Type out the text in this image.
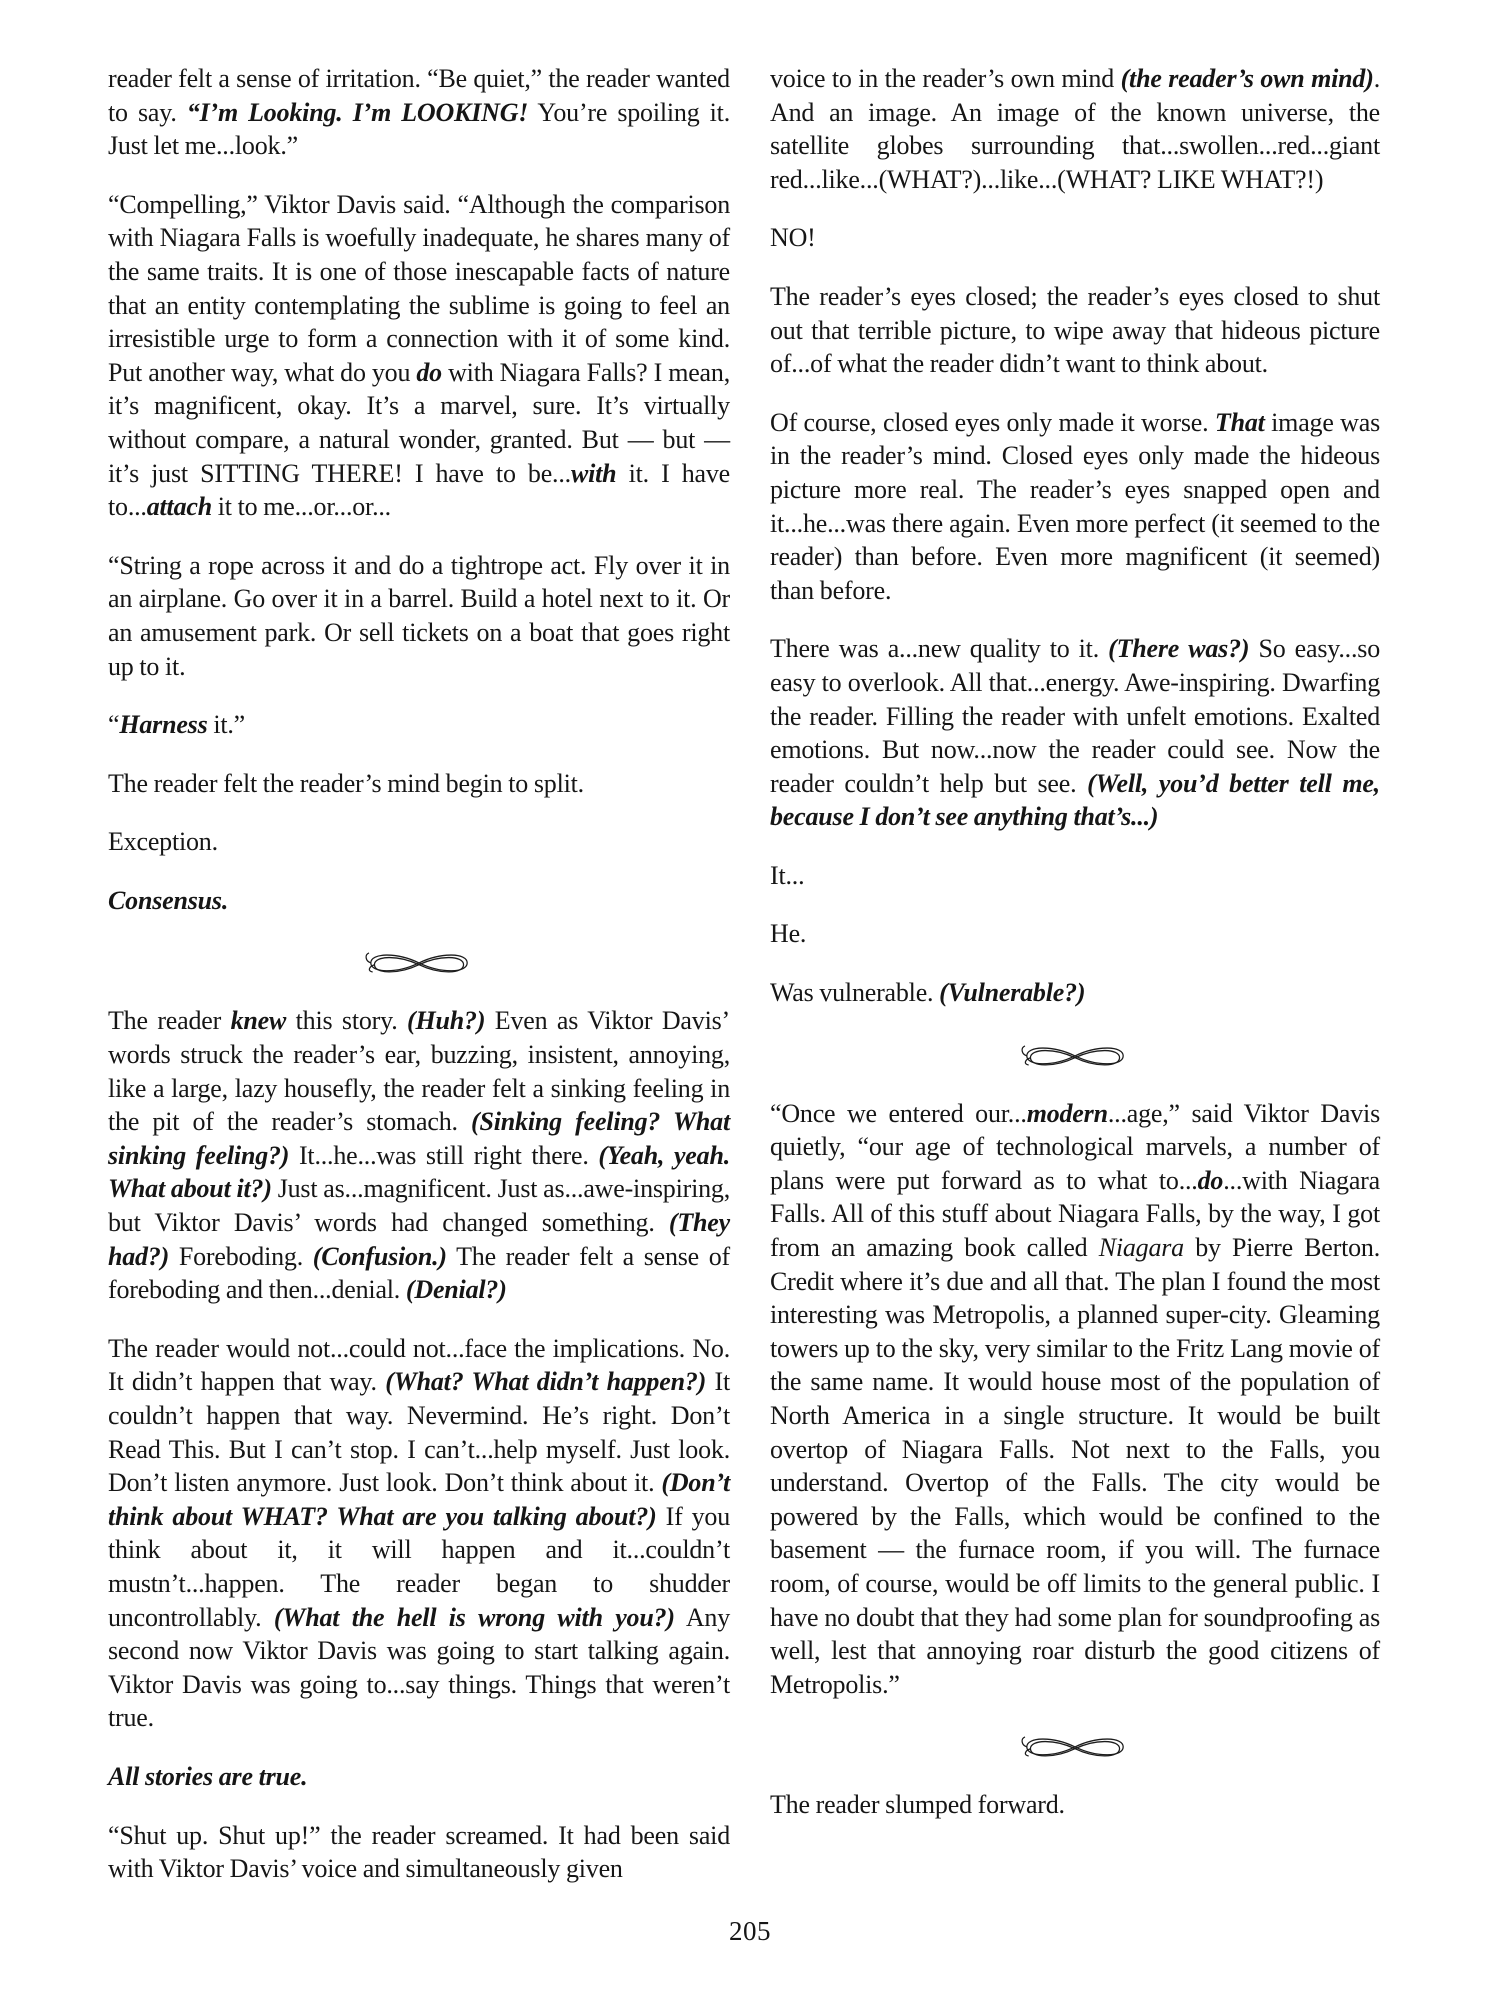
reader felt a sense of irritation. “Be quiet,” the reader wanted to say. “I’m Looking. I’m LOOKING! You’re spoiling it. Just let me...look.”

“Compelling,” Viktor Davis said. “Although the comparison with Niagara Falls is woefully inadequate, he shares many of the same traits. It is one of those inescapable facts of nature that an entity contemplating the sublime is going to feel an irresistible urge to form a connection with it of some kind. Put another way, what do you do with Niagara Falls? I mean, it’s magnificent, okay. It’s a marvel, sure. It’s virtually without compare, a natural wonder, granted. But — but — it’s just SITTING THERE! I have to be...with it. I have to...attach it to me...or...or...

“String a rope across it and do a tightrope act. Fly over it in an airplane. Go over it in a barrel. Build a hotel next to it. Or an amusement park. Or sell tickets on a boat that goes right up to it.

“Harness it.”

The reader felt the reader’s mind begin to split.

Exception.

Consensus.

The reader knew this story. (Huh?) Even as Viktor Davis’ words struck the reader’s ear, buzzing, insistent, annoying, like a large, lazy housefly, the reader felt a sinking feeling in the pit of the reader’s stomach. (Sinking feeling? What sinking feeling?) It...he...was still right there. (Yeah, yeah. What about it?) Just as...magnificent. Just as...awe-inspiring, but Viktor Davis’ words had changed something. (They had?) Foreboding. (Confusion.) The reader felt a sense of foreboding and then...denial. (Denial?)

The reader would not...could not...face the implications. No. It didn’t happen that way. (What? What didn’t happen?) It couldn’t happen that way. Nevermind. He’s right. Don’t Read This. But I can’t stop. I can’t...help myself. Just look. Don’t listen anymore. Just look. Don’t think about it. (Don’t think about WHAT? What are you talking about?) If you think about it, it will happen and it...couldn’t mustn’t...happen. The reader began to shudder uncontrollably. (What the hell is wrong with you?) Any second now Viktor Davis was going to start talking again. Viktor Davis was going to...say things. Things that weren’t true.

All stories are true.

“Shut up. Shut up!” the reader screamed. It had been said with Viktor Davis’ voice and simultaneously given

voice to in the reader’s own mind (the reader’s own mind). And an image. An image of the known universe, the satellite globes surrounding that...swollen...red...giant red...like...(WHAT?)...like...(WHAT? LIKE WHAT?!)

NO!

The reader’s eyes closed; the reader’s eyes closed to shut out that terrible picture, to wipe away that hideous picture of...of what the reader didn’t want to think about.

Of course, closed eyes only made it worse. That image was in the reader’s mind. Closed eyes only made the hideous picture more real. The reader’s eyes snapped open and it...he...was there again. Even more perfect (it seemed to the reader) than before. Even more magnificent (it seemed) than before.

There was a...new quality to it. (There was?) So easy...so easy to overlook. All that...energy. Awe-inspiring. Dwarfing the reader. Filling the reader with unfelt emotions. Exalted emotions. But now...now the reader could see. Now the reader couldn’t help but see. (Well, you’d better tell me, because I don’t see anything that’s...)

It...

He.

Was vulnerable. (Vulnerable?)

“Once we entered our...modern...age,” said Viktor Davis quietly, “our age of technological marvels, a number of plans were put forward as to what to...do...with Niagara Falls. All of this stuff about Niagara Falls, by the way, I got from an amazing book called Niagara by Pierre Berton. Credit where it’s due and all that. The plan I found the most interesting was Metropolis, a planned super-city. Gleaming towers up to the sky, very similar to the Fritz Lang movie of the same name. It would house most of the population of North America in a single structure. It would be built overtop of Niagara Falls. Not next to the Falls, you understand. Overtop of the Falls. The city would be powered by the Falls, which would be confined to the basement — the furnace room, if you will. The furnace room, of course, would be off limits to the general public. I have no doubt that they had some plan for soundproofing as well, lest that annoying roar disturb the good citizens of Metropolis.”

The reader slumped forward.

205
